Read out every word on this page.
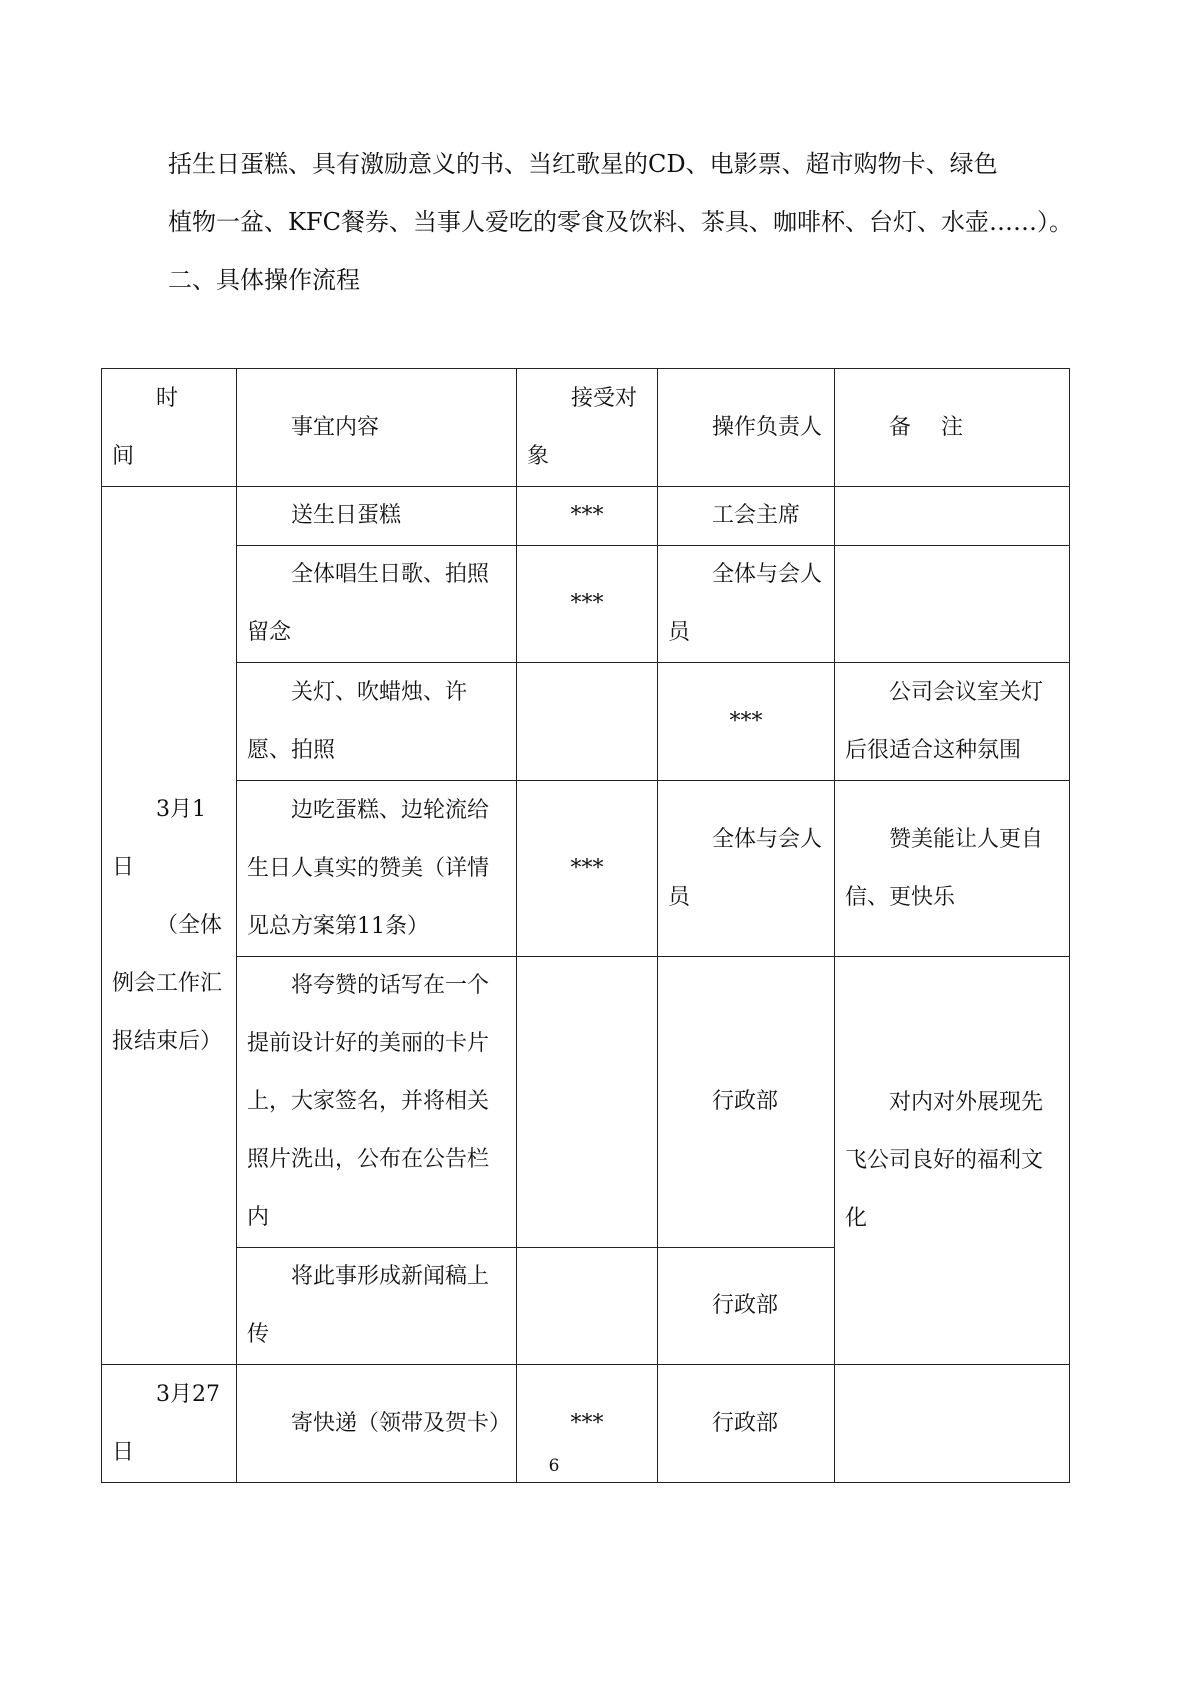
括生日蛋糕、具有激励意义的书、当红歌星的CD、电影票、超市购物卡、绿色

植物一盆、KFC餐券、当事人爱吃的零食及饮料、茶具、咖啡杯、台灯、水壶……）。

二、具体操作流程

时
间	事宜内容	接受对
象	操作负责人	备注

3月1
日
（全体
例会工作汇
报结束后）	送生日蛋糕	***	工会主席	
	全体唱生日歌、拍照留念	***	全体与会人员	
	关灯、吹蜡烛、许愿、拍照		***	公司会议室关灯后很适合这种氛围
	边吃蛋糕、边轮流给生日人真实的赞美（详情见总方案第11条）	***	全体与会人员	赞美能让人更自信、更快乐
	将夸赞的话写在一个提前设计好的美丽的卡片上，大家签名，并将相关照片洗出，公布在公告栏内		行政部	对内对外展现先飞公司良好的福利文化
	将此事形成新闻稿上传		行政部	

3月27
日	寄快递（领带及贺卡）	***	行政部	
6
